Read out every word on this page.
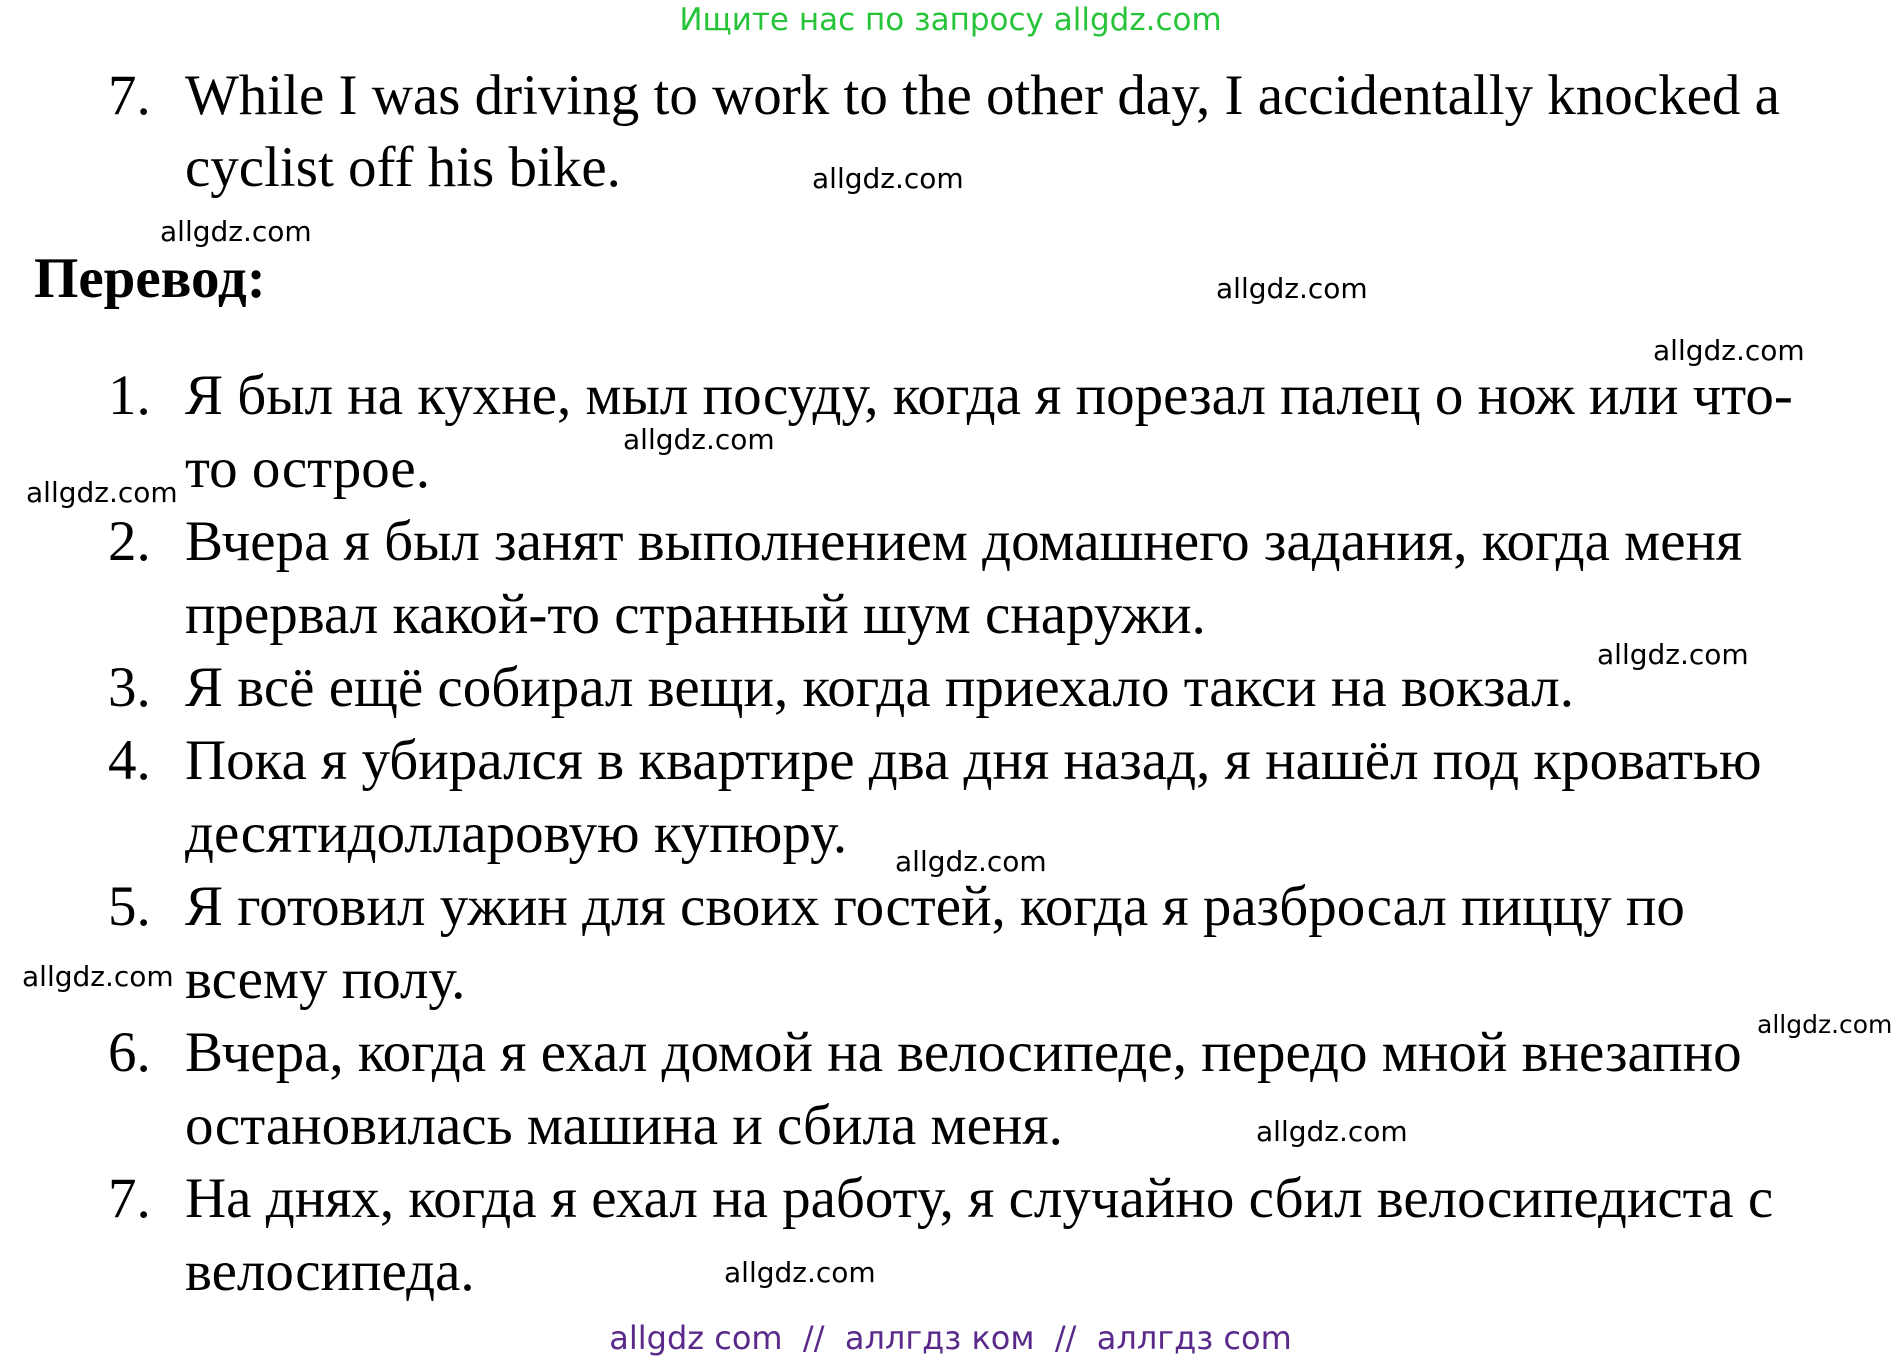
Ищите нас по запросу allgdz.com
7. While I was driving to work to the other day, I accidentally knocked a
cyclist off his bike.
Перевод:
1. Я был на кухне, мыл посуду, когда я порезал палец о нож или что-
то острое.
2. Вчера я был занят выполнением домашнего задания, когда меня
прервал какой-то странный шум снаружи.
3. Я всё ещё собирал вещи, когда приехало такси на вокзал.
4. Пока я убирался в квартире два дня назад, я нашёл под кроватью
десятидолларовую купюру.
5. Я готовил ужин для своих гостей, когда я разбросал пиццу по
всему полу.
6. Вчера, когда я ехал домой на велосипеде, передо мной внезапно
остановилась машина и сбила меня.
7. На днях, когда я ехал на работу, я случайно сбил велосипедиста с
велосипеда.
allgdz.com
allgdz.com
allgdz.com
allgdz.com
allgdz.com
allgdz.com
allgdz.com
allgdz.com
allgdz.com
allgdz.com
allgdz.com
allgdz.com
allgdz com  //  аллгдз ком  //  аллгдз com
